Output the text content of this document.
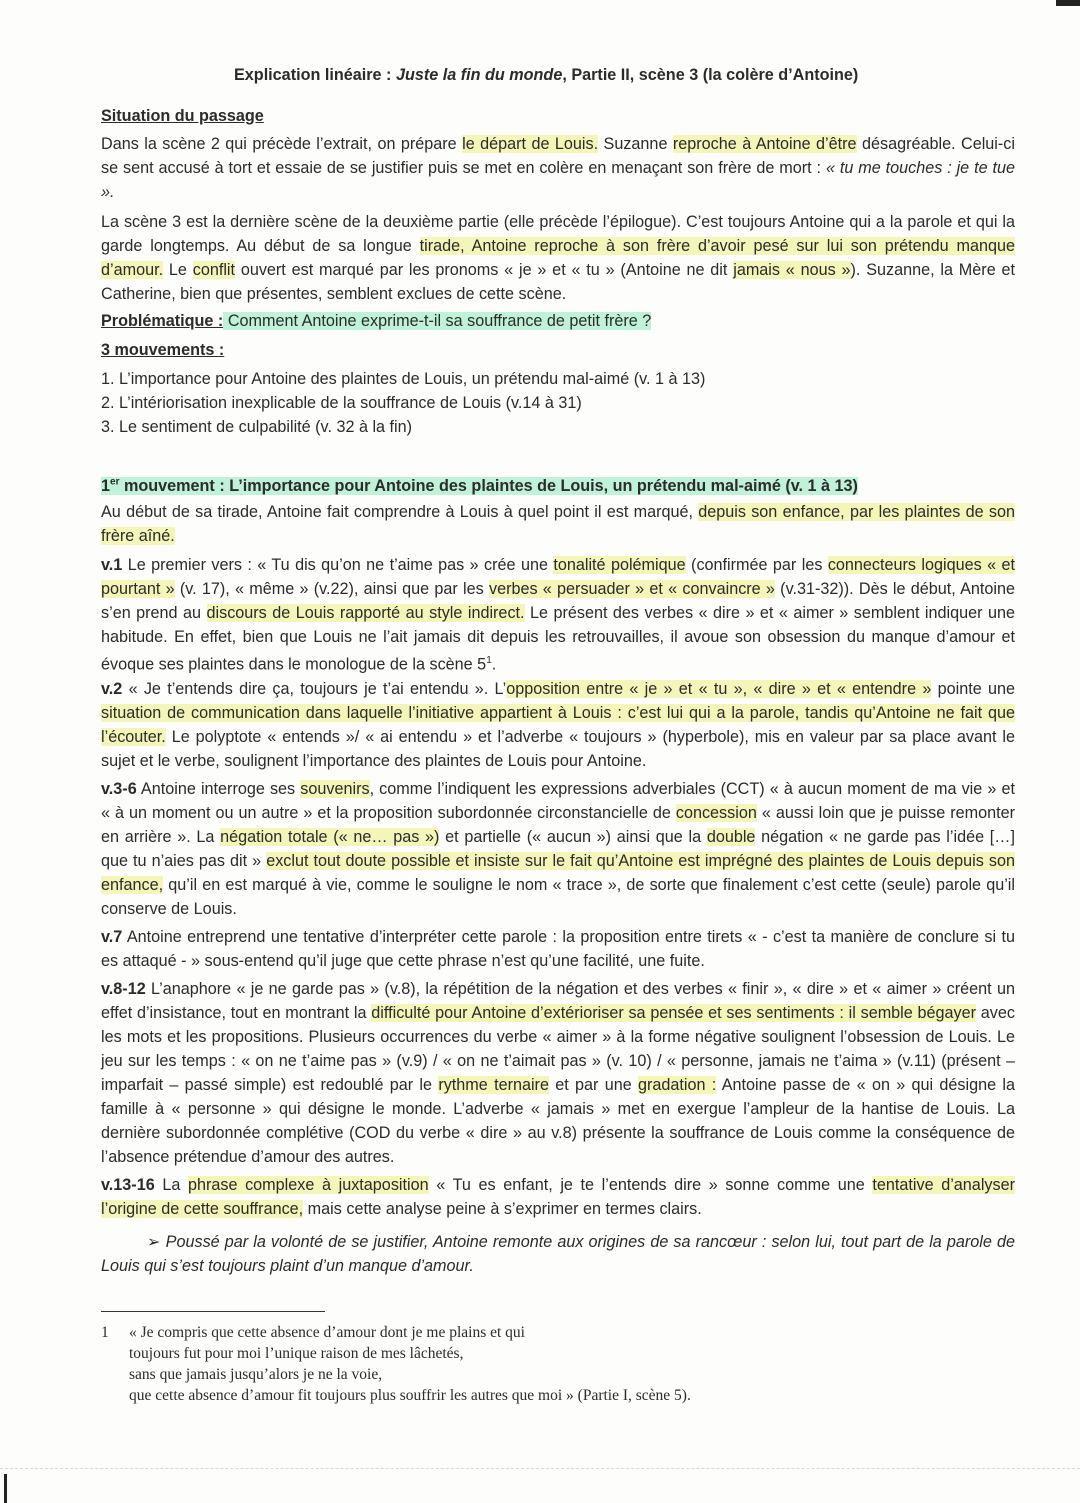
Explication linéaire : Juste la fin du monde, Partie II, scène 3 (la colère d’Antoine)
Situation du passage

Dans la scène 2 qui précède l’extrait, on prépare le départ de Louis. Suzanne reproche à Antoine d’être désagréable. Celui-ci se sent accusé à tort et essaie de se justifier puis se met en colère en menaçant son frère de mort : « tu me touches : je te tue ».

La scène 3 est la dernière scène de la deuxième partie (elle précède l’épilogue). C’est toujours Antoine qui a la parole et qui la garde longtemps. Au début de sa longue tirade, Antoine reproche à son frère d’avoir pesé sur lui son prétendu manque d’amour. Le conflit ouvert est marqué par les pronoms « je » et « tu » (Antoine ne dit jamais « nous »). Suzanne, la Mère et Catherine, bien que présentes, semblent exclues de cette scène.

Problématique : Comment Antoine exprime-t-il sa souffrance de petit frère ?
3 mouvements :

1. L’importance pour Antoine des plaintes de Louis, un prétendu mal-aimé (v. 1 à 13)

2. L’intériorisation inexplicable de la souffrance de Louis (v.14 à 31)

3. Le sentiment de culpabilité (v. 32 à la fin)

1er mouvement : L’importance pour Antoine des plaintes de Louis, un prétendu mal-aimé (v. 1 à 13)

Au début de sa tirade, Antoine fait comprendre à Louis à quel point il est marqué, depuis son enfance, par les plaintes de son frère aîné.

v.1 Le premier vers : « Tu dis qu’on ne t’aime pas » crée une tonalité polémique (confirmée par les connecteurs logiques « et pourtant » (v. 17), « même » (v.22), ainsi que par les verbes « persuader » et « convaincre » (v.31-32)). Dès le début, Antoine s’en prend au discours de Louis rapporté au style indirect. Le présent des verbes « dire » et « aimer » semblent indiquer une habitude. En effet, bien que Louis ne l’ait jamais dit depuis les retrouvailles, il avoue son obsession du manque d’amour et évoque ses plaintes dans le monologue de la scène $5^1$.

v.2 « Je t’entends dire ça, toujours je t’ai entendu ». L’opposition entre « je » et « tu », « dire » et « entendre » pointe une situation de communication dans laquelle l’initiative appartient à Louis : c’est lui qui a la parole, tandis qu’Antoine ne fait que l’écouter. Le polyptote « entends »/ « ai entendu » et l’adverbe « toujours » (hyperbole), mis en valeur par sa place avant le sujet et le verbe, soulignent l’importance des plaintes de Louis pour Antoine.

v.3-6 Antoine interroge ses souvenirs, comme l’indiquent les expressions adverbiales (CCT) « à aucun moment de ma vie » et « à un moment ou un autre » et la proposition subordonnée circonstancielle de concession « aussi loin que je puisse remonter en arrière ». La négation totale (« ne… pas ») et partielle (« aucun ») ainsi que la double négation « ne garde pas l’idée […] que tu n’aies pas dit » exclut tout doute possible et insiste sur le fait qu’Antoine est imprégné des plaintes de Louis depuis son enfance, qu’il en est marqué à vie, comme le souligne le nom « trace », de sorte que finalement c’est cette (seule) parole qu’il conserve de Louis.

v.7 Antoine entreprend une tentative d’interpréter cette parole : la proposition entre tirets « - c’est ta manière de conclure si tu es attaqué - » sous-entend qu’il juge que cette phrase n’est qu’une facilité, une fuite.

v.8-12 L’anaphore « je ne garde pas » (v.8), la répétition de la négation et des verbes « finir », « dire » et « aimer » créent un effet d’insistance, tout en montrant la difficulté pour Antoine d’extérioriser sa pensée et ses sentiments : il semble bégayer avec les mots et les propositions. Plusieurs occurrences du verbe « aimer » à la forme négative soulignent l’obsession de Louis. Le jeu sur les temps : « on ne t’aime pas » (v.9) / « on ne t’aimait pas » (v. 10) / « personne, jamais ne t’aima » (v.11) (présent – imparfait – passé simple) est redoublé par le rythme ternaire et par une gradation : Antoine passe de « on » qui désigne la famille à « personne » qui désigne le monde. L’adverbe « jamais » met en exergue l’ampleur de la hantise de Louis. La dernière subordonnée complétive (COD du verbe « dire » au v.8) présente la souffrance de Louis comme la conséquence de l’absence prétendue d’amour des autres.

v.13-16 La phrase complexe à juxtaposition « Tu es enfant, je te l’entends dire » sonne comme une tentative d’analyser l’origine de cette souffrance, mais cette analyse peine à s’exprimer en termes clairs.

➢ Poussé par la volonté de se justifier, Antoine remonte aux origines de sa rancœur : selon lui, tout part de la parole de Louis qui s’est toujours plaint d’un manque d’amour.

1 « Je compris que cette absence d’amour dont je me plains et qui
toujours fut pour moi l’unique raison de mes lâchetés,
sans que jamais jusqu’alors je ne la voie,
que cette absence d’amour fit toujours plus souffrir les autres que moi » (Partie I, scène 5).
